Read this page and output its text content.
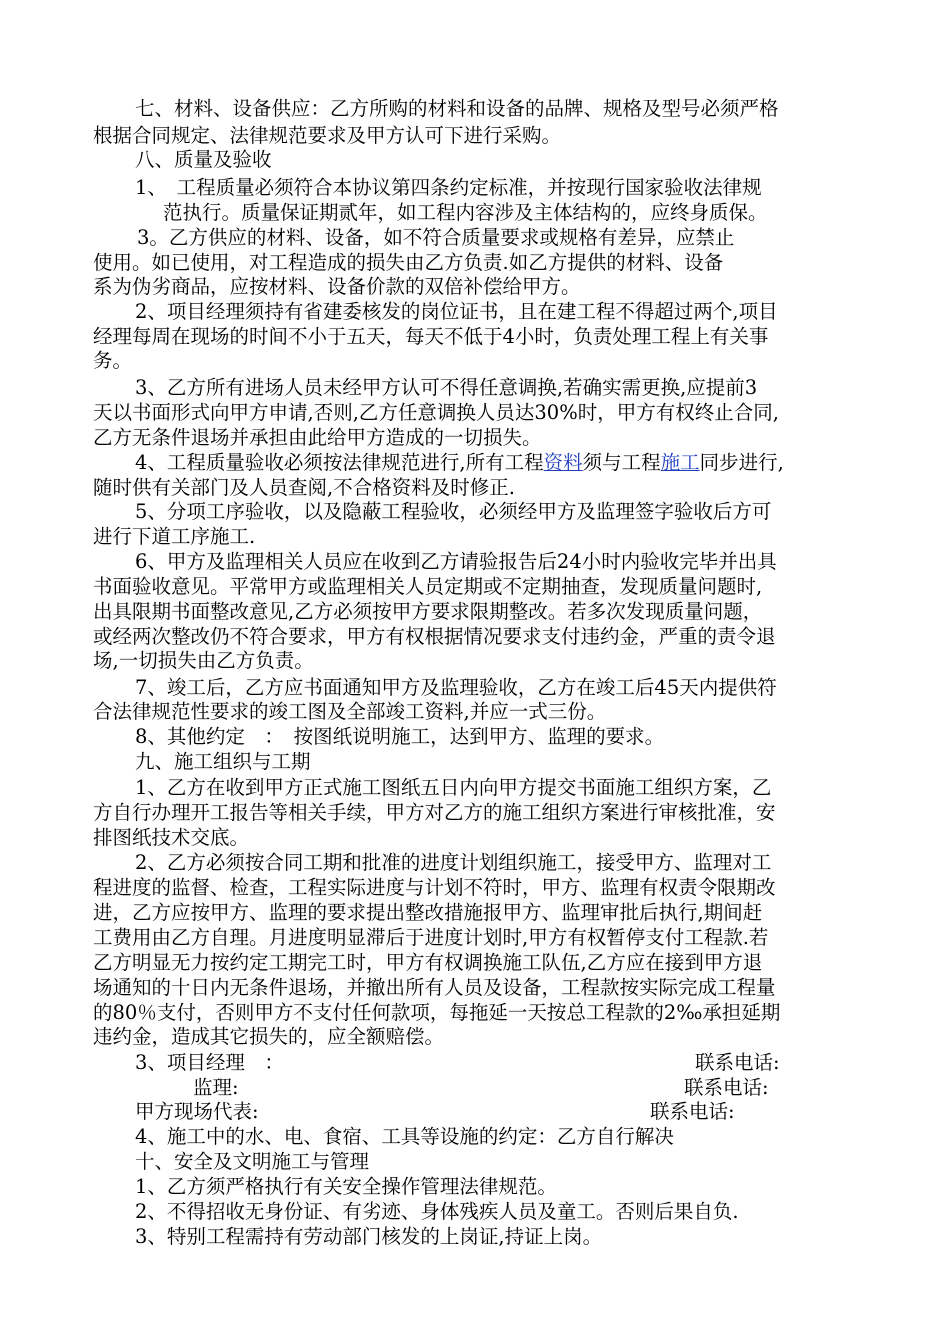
七、材料、设备供应：乙方所购的材料和设备的品牌、规格及型号必须严格
根据合同规定、法律规范要求及甲方认可下进行采购。
八、质量及验收
1、　工程质量必须符合本协议第四条约定标准，并按现行国家验收法律规
范执行。质量保证期贰年，如工程内容涉及主体结构的，应终身质保。
3。乙方供应的材料、设备，如不符合质量要求或规格有差异，应禁止
使用。如已使用，对工程造成的损失由乙方负责.如乙方提供的材料、设备
系为伪劣商品，应按材料、设备价款的双倍补偿给甲方。
2、项目经理须持有省建委核发的岗位证书，且在建工程不得超过两个,项目
经理每周在现场的时间不小于五天，每天不低于4小时，负责处理工程上有关事
务。
3、乙方所有进场人员未经甲方认可不得任意调换,若确实需更换,应提前3
天以书面形式向甲方申请,否则,乙方任意调换人员达30%时，甲方有权终止合同,
乙方无条件退场并承担由此给甲方造成的一切损失。
4、工程质量验收必须按法律规范进行,所有工程资料须与工程施工同步进行,
随时供有关部门及人员查阅,不合格资料及时修正.
5、分项工序验收，以及隐蔽工程验收，必须经甲方及监理签字验收后方可
进行下道工序施工.
6、甲方及监理相关人员应在收到乙方请验报告后24小时内验收完毕并出具
书面验收意见。平常甲方或监理相关人员定期或不定期抽查，发现质量问题时,
出具限期书面整改意见,乙方必须按甲方要求限期整改。若多次发现质量问题，
或经两次整改仍不符合要求，甲方有权根据情况要求支付违约金，严重的责令退
场,一切损失由乙方负责。
7、竣工后，乙方应书面通知甲方及监理验收，乙方在竣工后45天内提供符
合法律规范性要求的竣工图及全部竣工资料,并应一式三份。
8、其他约定　：　按图纸说明施工，达到甲方、监理的要求。
九、施工组织与工期
1、乙方在收到甲方正式施工图纸五日内向甲方提交书面施工组织方案，乙
方自行办理开工报告等相关手续，甲方对乙方的施工组织方案进行审核批准，安
排图纸技术交底。
2、乙方必须按合同工期和批准的进度计划组织施工，接受甲方、监理对工
程进度的监督、检查，工程实际进度与计划不符时，甲方、监理有权责令限期改
进，乙方应按甲方、监理的要求提出整改措施报甲方、监理审批后执行,期间赶
工费用由乙方自理。月进度明显滞后于进度计划时,甲方有权暂停支付工程款.若
乙方明显无力按约定工期完工时，甲方有权调换施工队伍,乙方应在接到甲方退
场通知的十日内无条件退场，并撤出所有人员及设备，工程款按实际完成工程量
的80％支付，否则甲方不支付任何款项，每拖延一天按总工程款的2‰承担延期
违约金，造成其它损失的，应全额赔偿。
3、项目经理　：	联系电话:
监理:	联系电话:
甲方现场代表:	联系电话:
4、施工中的水、电、食宿、工具等设施的约定：乙方自行解决
十、安全及文明施工与管理
1、乙方须严格执行有关安全操作管理法律规范。
2、不得招收无身份证、有劣迹、身体残疾人员及童工。否则后果自负.
3、特别工程需持有劳动部门核发的上岗证,持证上岗。
